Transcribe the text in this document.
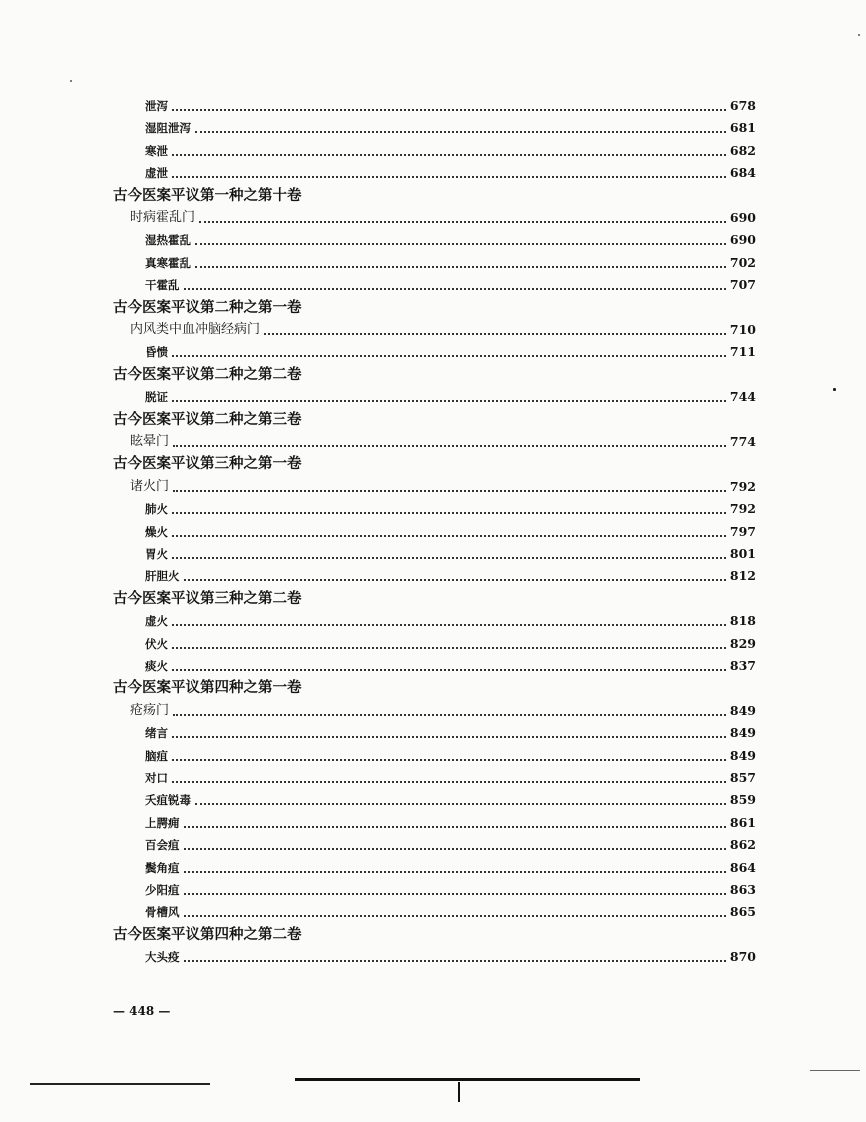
泄泻	678
湿阻泄泻	681
寒泄	682
虚泄	684
古今医案平议第一种之第十卷
时病霍乱门	690
湿热霍乱	690
真寒霍乱	702
干霍乱	707
古今医案平议第二种之第一卷
内风类中血冲脑经病门	710
昏愦	711
古今医案平议第二种之第二卷
脱证	744
古今医案平议第二种之第三卷
眩晕门	774
古今医案平议第三种之第一卷
诸火门	792
肺火	792
燥火	797
胃火	801
肝胆火	812
古今医案平议第三种之第二卷
虚火	818
伏火	829
痰火	837
古今医案平议第四种之第一卷
疮疡门	849
绪言	849
脑疽	849
对口	857
夭疽锐毒	859
上腭痈	861
百会疽	862
鬓角疽	864
少阳疽	863
骨槽风	865
古今医案平议第四种之第二卷
大头疫	870
— 448 —
